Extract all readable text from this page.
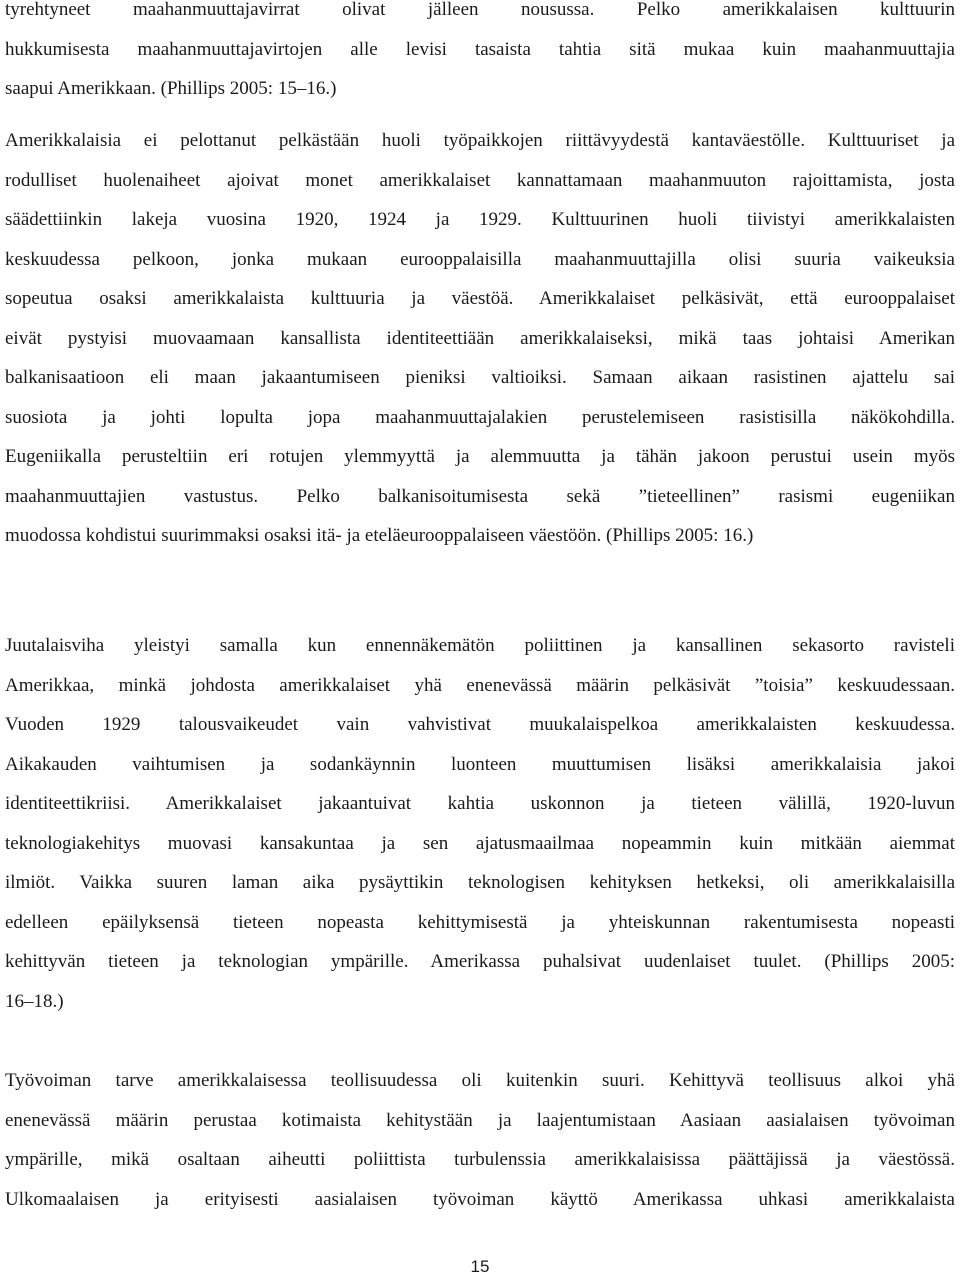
tyrehtyneet maahanmuuttajavirrat olivat jälleen nousussa. Pelko amerikkalaisen kulttuurin
hukkumisesta maahanmuuttajavirtojen alle levisi tasaista tahtia sitä mukaa kuin maahanmuuttajia
saapui Amerikkaan. (Phillips 2005: 15–16.)
Amerikkalaisia ei pelottanut pelkästään huoli työpaikkojen riittävyydestä kantaväestölle. Kulttuuriset ja
rodulliset huolenaiheet ajoivat monet amerikkalaiset kannattamaan maahanmuuton rajoittamista, josta
säädettiinkin lakeja vuosina 1920, 1924 ja 1929. Kulttuurinen huoli tiivistyi amerikkalaisten
keskuudessa pelkoon, jonka mukaan eurooppalaisilla maahanmuuttajilla olisi suuria vaikeuksia
sopeutua osaksi amerikkalaista kulttuuria ja väestöä. Amerikkalaiset pelkäsivät, että eurooppalaiset
eivät pystyisi muovaamaan kansallista identiteettiään amerikkalaiseksi, mikä taas johtaisi Amerikan
balkanisaatioon eli maan jakaantumiseen pieniksi valtioiksi. Samaan aikaan rasistinen ajattelu sai
suosiota ja johti lopulta jopa maahanmuuttajalakien perustelemiseen rasistisilla näkökohdilla.
Eugeniikalla perusteltiin eri rotujen ylemmyyttä ja alemmuutta ja tähän jakoon perustui usein myös
maahanmuuttajien vastustus. Pelko balkanisoitumisesta sekä ”tieteellinen” rasismi eugeniikan
muodossa kohdistui suurimmaksi osaksi itä- ja eteläeurooppalaiseen väestöön. (Phillips 2005: 16.)
Juutalaisviha yleistyi samalla kun ennennäkemätön poliittinen ja kansallinen sekasorto ravisteli
Amerikkaa, minkä johdosta amerikkalaiset yhä enenevässä määrin pelkäsivät ”toisia” keskuudessaan.
Vuoden 1929 talousvaikeudet vain vahvistivat muukalaispelkoa amerikkalaisten keskuudessa.
Aikakauden vaihtumisen ja sodankäynnin luonteen muuttumisen lisäksi amerikkalaisia jakoi
identiteettikriisi. Amerikkalaiset jakaantuivat kahtia uskonnon ja tieteen välillä, 1920-luvun
teknologiakehitys muovasi kansakuntaa ja sen ajatusmaailmaa nopeammin kuin mitkään aiemmat
ilmiöt. Vaikka suuren laman aika pysäyttikin teknologisen kehityksen hetkeksi, oli amerikkalaisilla
edelleen epäilyksensä tieteen nopeasta kehittymisestä ja yhteiskunnan rakentumisesta nopeasti
kehittyvän tieteen ja teknologian ympärille. Amerikassa puhalsivat uudenlaiset tuulet. (Phillips 2005:
16–18.)
Työvoiman tarve amerikkalaisessa teollisuudessa oli kuitenkin suuri. Kehittyvä teollisuus alkoi yhä
enenevässä määrin perustaa kotimaista kehitystään ja laajentumistaan Aasiaan aasialaisen työvoiman
ympärille, mikä osaltaan aiheutti poliittista turbulenssia amerikkalaisissa päättäjissä ja väestössä.
Ulkomaalaisen ja erityisesti aasialaisen työvoiman käyttö Amerikassa uhkasi amerikkalaista
15
